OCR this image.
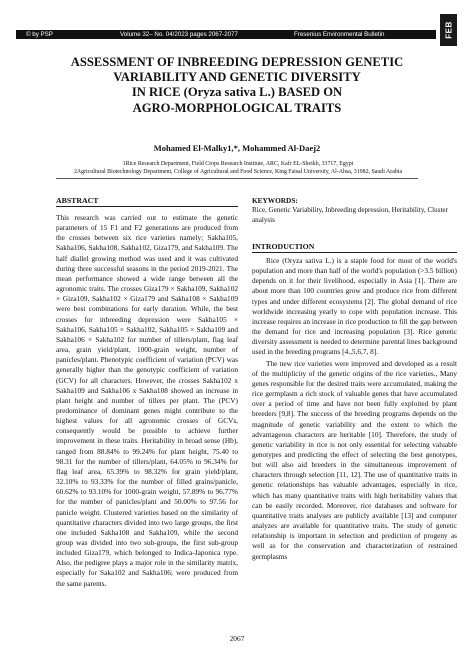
© by PSP	Volume 32– No. 04/2023 pages 2067-2077	Fresenius Environmental Bulletin	FEB
ASSESSMENT OF INBREEDING DEPRESSION GENETIC
VARIABILITY AND GENETIC DIVERSITY
IN RICE (Oryza sativa L.) BASED ON
AGRO-MORPHOLOGICAL TRAITS
Mohamed El-Malky1,*, Mohammed Al-Daej2
1Rice Research Department, Field Crops Research Institute, ARC, Kafr EL-Sheikh, 33717, Egypt
2Agricultural Biotechnology Department, College of Agricultural and Food Science, King Faisal University, Al-Ahsa, 31982, Saudi Arabia
ABSTRACT

This research was carried out to estimate the genetic parameters of 15 F1 and F2 generations are produced from the crosses between six rice varieties namely; Sakha105, Sakha106, Sakha108, Sakha102, Giza179, and Sakha109. The half diallel growing method was used and it was cultivated during three successful seasons in the period 2019-2021. The mean performance showed a wide range between all the agronomic traits. The crosses Giza179 × Sakha109, Sakha102 × Giza109, Sakha102 × Giza179 and Sakha108 × Sakha109 were best combinations for early duration. While, the best crosses for inbreeding depression were Sakha105 × Sakha106, Sakha105 × Sakha102, Sakha105 × Sakha109 and Sakha106 × Sakha102 for number of tillers/plant, flag leaf area, grain yield/plant, 1000-grain weight, number of panicles/plant. Phenotypic coefficient of variation (PCV) was generally higher than the genotypic coefficient of variation (GCV) for all characters. However, the crosses Sakha102 x Sakha109 and Sakha106 x Sakha108 showed an increase in plant height and number of tillers per plant. The (PCV) predominance of dominant genes might contribute to the highest values for all agronomic crosses of GCVs, consequently would be possible to achieve further improvement in these traits. Heritability in broad sense (Hb), ranged from 88.84% to 99.24% for plant height, 75.40 to 98.31 for the number of tillers/plant, 64.05% to 96.34% for flag leaf area, 65.39% to 98.32% for grain yield/plant, 32.10% to 93.33% for the number of filled grains/panicle, 60.62% to 93.10% for 1000-grain weight, 57.89% to 96.77% for the number of panicles/plant and 50.00% to 97.56 for panicle weight. Clustered varieties based on the similarity of quantitative characters divided into two large groups, the first one included Sakha108 and Sakha109, while the second group was divided into two sub-groups, the first sub-group included Giza179, which belonged to Indica-Japonica type. Also, the pedigree plays a major role in the similarity matrix, especially for Saka102 and Sakha106; were produced from the same parents.

KEYWORDS:
Rice, Genetic Variability, Inbreeding depression, Heritability, Cluster analysis
INTRODUCTION

Rice (Oryza sativa L.) is a staple food for most of the world's population and more than half of the world's population (>3.5 billion) depends on it for their livelihood, especially in Asia [1]. There are about more than 100 countries grow and produce rice from different types and under different ecosystems [2]. The global demand of rice worldwide increasing yearly to cope with population increase. This increase requires an increase in rice production to fill the gap between the demand for rice and increasing population [3]. Rice genetic diversity assessment is needed to determine parental lines background used in the breeding programs [4.,5,6,7, 8].

The new rice varieties were improved and developed as a result of the multiplicity of the genetic origins of the rice varieties., Many genes responsible for the desired traits were accumulated, making the rice germplasm a rich stock of valuable genes that have accumulated over a period of time and have not been fully exploited by plant breeders [9,8]. The success of the breeding programs depends on the magnitude of genetic variability and the extent to which the advantageous characters are heritable [10]. Therefore, the study of genetic variability in rice is not only essential for selecting valuable genotypes and predicting the effect of selecting the best genotypes, but will also aid breeders in the simultaneous improvement of characters through selection [11, 12]. The use of quantitative traits in genetic relationships has valuable advantages, especially in rice, which has many quantitative traits with high heritability values that can be easily recorded. Moreover, rice databases and software for quantitative traits analyses are publicly available [13] and computer analyzes are available for quantitative traits. The study of genetic relationship is important in selection and prediction of progeny as well as for the conservation and characterization of restrained germplasms

2067
